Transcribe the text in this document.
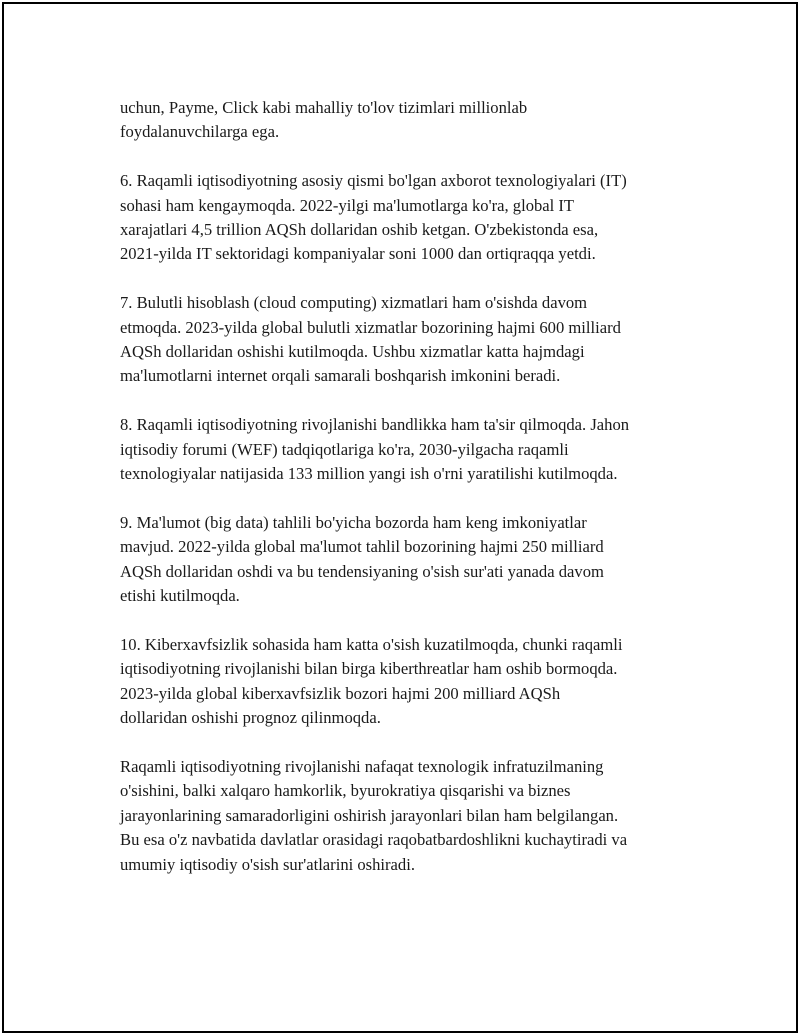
uchun, Payme, Click kabi mahalliy to'lov tizimlari millionlab
foydalanuvchilarga ega.

6. Raqamli iqtisodiyotning asosiy qismi bo'lgan axborot texnologiyalari (IT)
sohasi ham kengaymoqda. 2022-yilgi ma'lumotlarga ko'ra, global IT
xarajatlari 4,5 trillion AQSh dollaridan oshib ketgan. O'zbekistonda esa,
2021-yilda IT sektoridagi kompaniyalar soni 1000 dan ortiqraqqa yetdi.

7. Bulutli hisoblash (cloud computing) xizmatlari ham o'sishda davom
etmoqda. 2023-yilda global bulutli xizmatlar bozorining hajmi 600 milliard
AQSh dollaridan oshishi kutilmoqda. Ushbu xizmatlar katta hajmdagi
ma'lumotlarni internet orqali samarali boshqarish imkonini beradi.

8. Raqamli iqtisodiyotning rivojlanishi bandlikka ham ta'sir qilmoqda. Jahon
iqtisodiy forumi (WEF) tadqiqotlariga ko'ra, 2030-yilgacha raqamli
texnologiyalar natijasida 133 million yangi ish o'rni yaratilishi kutilmoqda.

9. Ma'lumot (big data) tahlili bo'yicha bozorda ham keng imkoniyatlar
mavjud. 2022-yilda global ma'lumot tahlil bozorining hajmi 250 milliard
AQSh dollaridan oshdi va bu tendensiyaning o'sish sur'ati yanada davom
etishi kutilmoqda.

10. Kiberxavfsizlik sohasida ham katta o'sish kuzatilmoqda, chunki raqamli
iqtisodiyotning rivojlanishi bilan birga kiberthreatlar ham oshib bormoqda.
2023-yilda global kiberxavfsizlik bozori hajmi 200 milliard AQSh
dollaridan oshishi prognoz qilinmoqda.

Raqamli iqtisodiyotning rivojlanishi nafaqat texnologik infratuzilmaning
o'sishini, balki xalqaro hamkorlik, byurokratiya qisqarishi va biznes
jarayonlarining samaradorligini oshirish jarayonlari bilan ham belgilangan.
Bu esa o'z navbatida davlatlar orasidagi raqobatbardoshlikni kuchaytiradi va
umumiy iqtisodiy o'sish sur'atlarini oshiradi.
